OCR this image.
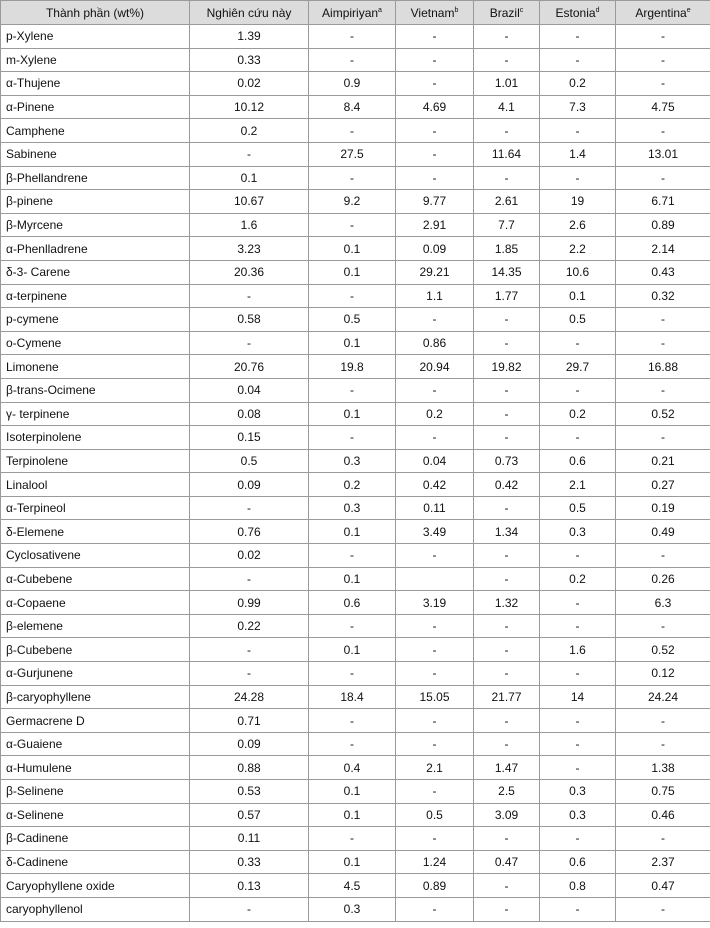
Thành phần (wt%)	Nghiên cứu này	Aimpiriyan$^a$	Vietnam$^b$	Brazil$^c$	Estonia$^d$	Argentina$^e$
p-Xylene	1.39	-	-	-	-	-
m-Xylene	0.33	-	-	-	-	-
α-Thujene	0.02	0.9	-	1.01	0.2	-
α-Pinene	10.12	8.4	4.69	4.1	7.3	4.75
Camphene	0.2	-	-	-	-	-
Sabinene	-	27.5	-	11.64	1.4	13.01
β-Phellandrene	0.1	-	-	-	-	-
β-pinene	10.67	9.2	9.77	2.61	19	6.71
β-Myrcene	1.6	-	2.91	7.7	2.6	0.89
α-Phenlladrene	3.23	0.1	0.09	1.85	2.2	2.14
δ-3- Carene	20.36	0.1	29.21	14.35	10.6	0.43
α-terpinene	-	-	1.1	1.77	0.1	0.32
p-cymene	0.58	0.5	-	-	0.5	-
o-Cymene	-	0.1	0.86	-	-	-
Limonene	20.76	19.8	20.94	19.82	29.7	16.88
β-trans-Ocimene	0.04	-	-	-	-	-
γ- terpinene	0.08	0.1	0.2	-	0.2	0.52
Isoterpinolene	0.15	-	-	-	-	-
Terpinolene	0.5	0.3	0.04	0.73	0.6	0.21
Linalool	0.09	0.2	0.42	0.42	2.1	0.27
α-Terpineol	-	0.3	0.11	-	0.5	0.19
δ-Elemene	0.76	0.1	3.49	1.34	0.3	0.49
Cyclosativene	0.02	-	-	-	-	-
α-Cubebene	-	0.1		-	0.2	0.26
α-Copaene	0.99	0.6	3.19	1.32	-	6.3
β-elemene	0.22	-	-	-	-	-
β-Cubebene	-	0.1	-	-	1.6	0.52
α-Gurjunene	-	-	-	-	-	0.12
β-caryophyllene	24.28	18.4	15.05	21.77	14	24.24
Germacrene D	0.71	-	-	-	-	-
α-Guaiene	0.09	-	-	-	-	-
α-Humulene	0.88	0.4	2.1	1.47	-	1.38
β-Selinene	0.53	0.1	-	2.5	0.3	0.75
α-Selinene	0.57	0.1	0.5	3.09	0.3	0.46
β-Cadinene	0.11	-	-	-	-	-
δ-Cadinene	0.33	0.1	1.24	0.47	0.6	2.37
Caryophyllene oxide	0.13	4.5	0.89	-	0.8	0.47
caryophyllenol	-	0.3	-	-	-	-
